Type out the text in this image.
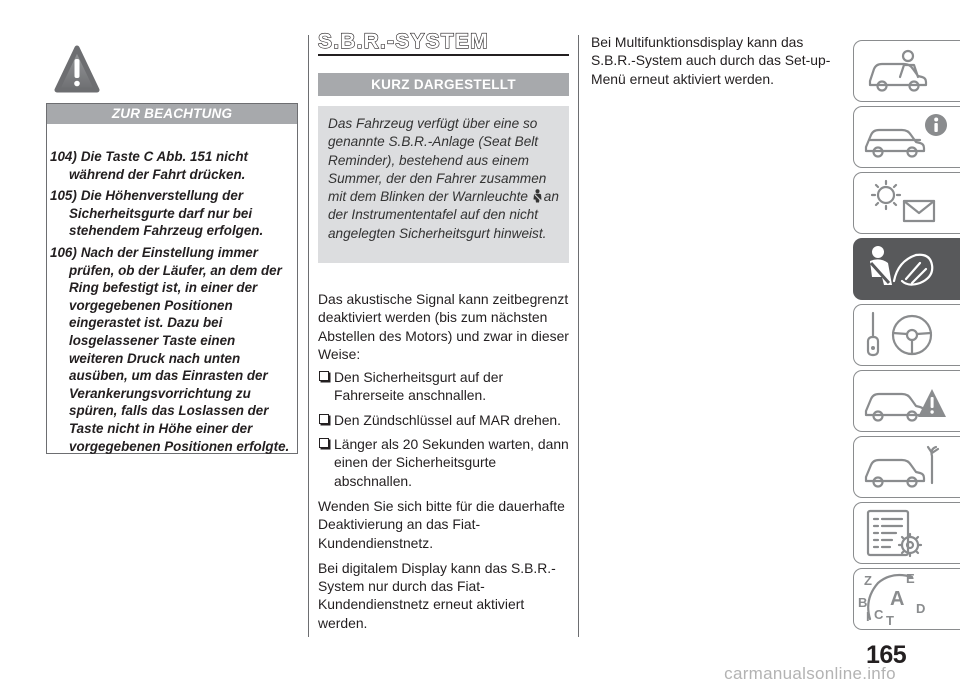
ZUR BEACHTUNG

104) Die Taste C Abb. 151 nicht während der Fahrt drücken.

105) Die Höhenverstellung der Sicherheitsgurte darf nur bei stehendem Fahrzeug erfolgen.

106) Nach der Einstellung immer prüfen, ob der Läufer, an dem der Ring befestigt ist, in einer der vorgegebenen Positionen eingerastet ist. Dazu bei losgelassener Taste einen weiteren Druck nach unten ausüben, um das Einrasten der Verankerungsvorrichtung zu spüren, falls das Loslassen der Taste nicht in Höhe einer der vorgegebenen Positionen erfolgte.

S.B.R.-SYSTEM
KURZ DARGESTELLT
Das Fahrzeug verfügt über eine so genannte S.B.R.-Anlage (Seat Belt Reminder), bestehend aus einem Summer, der den Fahrer zusammen mit dem Blinken der Warnleuchte an der Instrumententafel auf den nicht angelegten Sicherheitsgurt hinweist.

Das akustische Signal kann zeitbegrenzt deaktiviert werden (bis zum nächsten Abstellen des Motors) und zwar in dieser Weise:

Den Sicherheitsgurt auf der Fahrerseite anschnallen.
Den Zündschlüssel auf MAR drehen.
Länger als 20 Sekunden warten, dann einen der Sicherheitsgurte abschnallen.

Wenden Sie sich bitte für die dauerhafte Deaktivierung an das Fiat-Kundendienstnetz.

Bei digitalem Display kann das S.B.R.-System nur durch das Fiat-Kundendienstnetz erneut aktiviert werden.

Bei Multifunktionsdisplay kann das S.B.R.-System auch durch das Set-up-Menü erneut aktiviert werden.

Z	E
B A
C	D
I T
165
carmanualsonline.info
